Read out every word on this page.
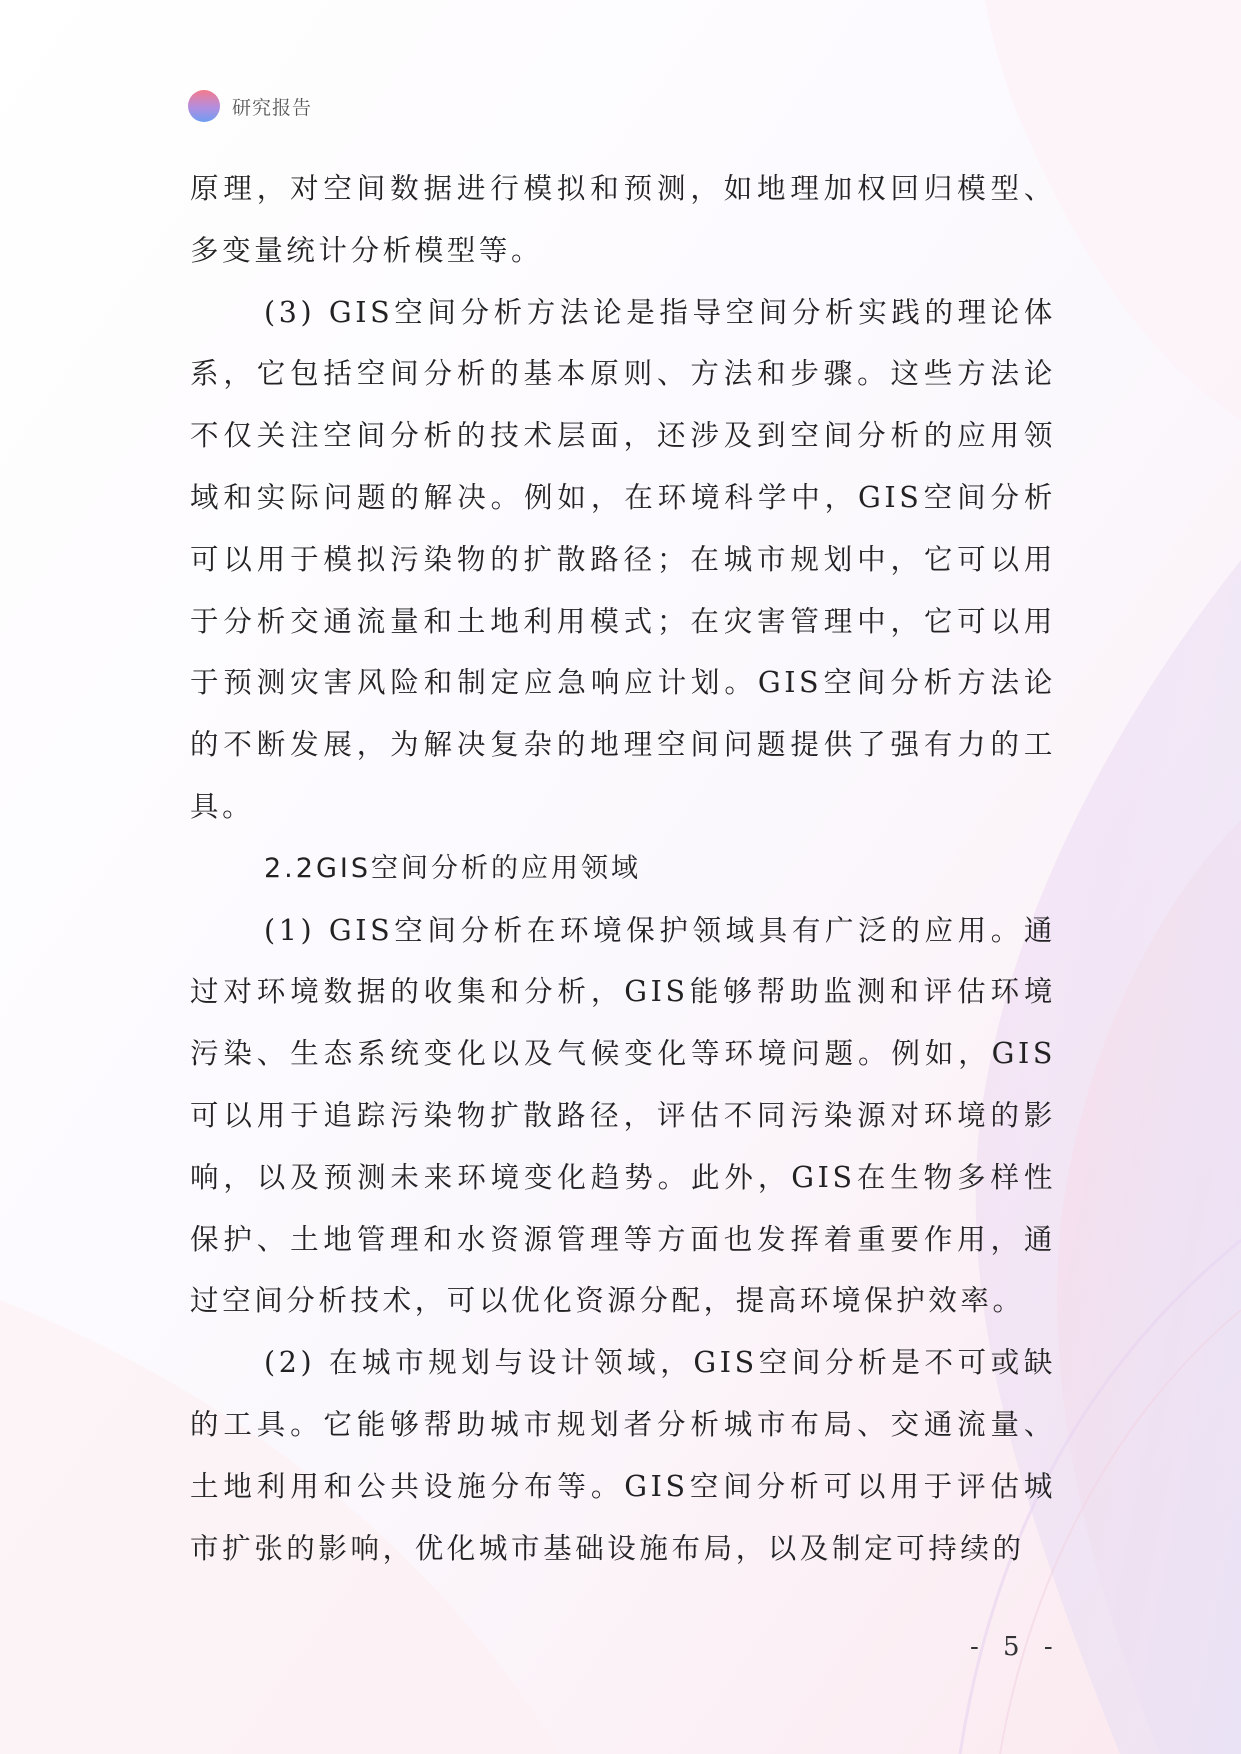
研究报告

原理，对空间数据进行模拟和预测，如地理加权回归模型、多变量统计分析模型等。

(3) GIS空间分析方法论是指导空间分析实践的理论体系，它包括空间分析的基本原则、方法和步骤。这些方法论不仅关注空间分析的技术层面，还涉及到空间分析的应用领域和实际问题的解决。例如，在环境科学中，GIS空间分析可以用于模拟污染物的扩散路径；在城市规划中，它可以用于分析交通流量和土地利用模式；在灾害管理中，它可以用于预测灾害风险和制定应急响应计划。GIS空间分析方法论的不断发展，为解决复杂的地理空间问题提供了强有力的工具。

2.2GIS空间分析的应用领域

(1) GIS空间分析在环境保护领域具有广泛的应用。通过对环境数据的收集和分析，GIS能够帮助监测和评估环境污染、生态系统变化以及气候变化等环境问题。例如，GIS可以用于追踪污染物扩散路径，评估不同污染源对环境的影响，以及预测未来环境变化趋势。此外，GIS在生物多样性保护、土地管理和水资源管理等方面也发挥着重要作用，通过空间分析技术，可以优化资源分配，提高环境保护效率。

(2) 在城市规划与设计领域，GIS空间分析是不可或缺的工具。它能够帮助城市规划者分析城市布局、交通流量、土地利用和公共设施分布等。GIS空间分析可以用于评估城市扩张的影响，优化城市基础设施布局，以及制定可持续的

- 5 -
